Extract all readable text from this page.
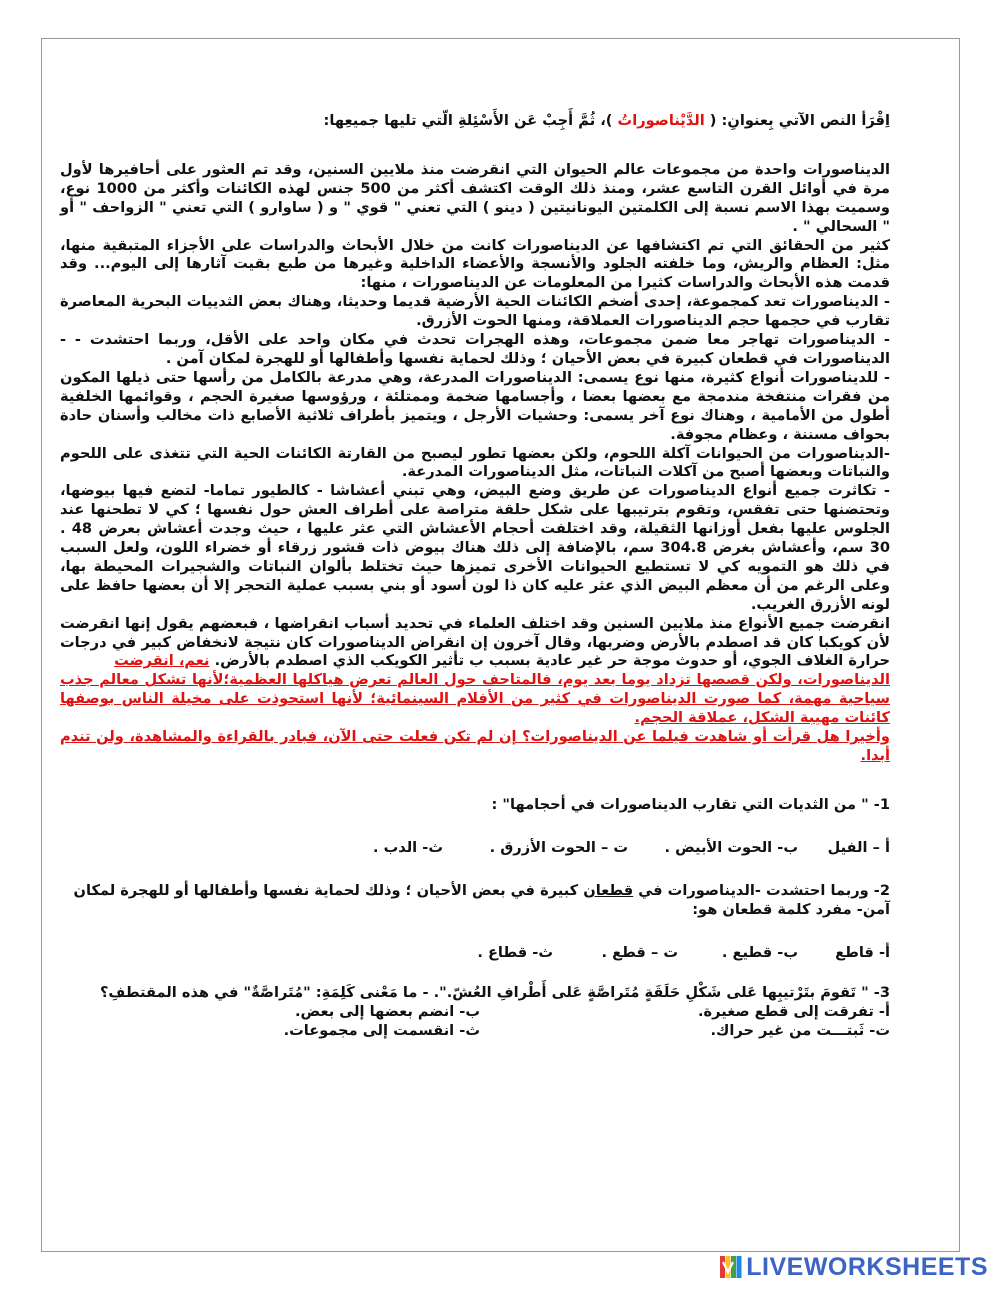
اِقْرَأ النص الآتي بِعنوانِ: ( الدَّيْناصوراتُ )، ثُمَّ أَجِبْ عَن الأَسْئِلةِ الّتي تليها جميعِها:

الديناصورات واحدة من مجموعات عالم الحيوان التي انقرضت منذ ملايين السنين، وقد تم العثور على أحافيرها لأول مرة في أوائل القرن التاسع عشر، ومنذ ذلك الوقت اكتشف أكثر من 500 جنس لهذه الكائنات وأكثر من 1000 نوع، وسميت بهذا الاسم نسبة إلى الكلمتين اليونانيتين ( دينو ) التي تعني " قوي " و ( ساوارو ) التي تعني " الزواحف " أو " السحالي " .

كثير من الحقائق التي تم اكتشافها عن الديناصورات كانت من خلال الأبحاث والدراسات على الأجزاء المتبقية منها، مثل: العظام والريش، وما خلفته الجلود والأنسجة والأعضاء الداخلية وغيرها من طبع بقيت آثارها إلى اليوم... وقد قدمت هذه الأبحاث والدراسات كثيرا من المعلومات عن الديناصورات ، منها:

- الديناصورات تعد كمجموعة، إحدى أضخم الكائنات الحية الأرضية قديما وحديثا، وهناك بعض الثدييات البحرية المعاصرة تقارب في حجمها حجم الديناصورات العملاقة، ومنها الحوت الأزرق.

- الديناصورات تهاجر معا ضمن مجموعات، وهذه الهجرات تحدث في مكان واحد على الأقل، وربما احتشدت - - الديناصورات في قطعان كبيرة في بعض الأحيان ؛ وذلك لحماية نفسها وأطفالها أو للهجرة لمكان آمن .

- للديناصورات أنواع كثيرة، منها نوع يسمى: الديناصورات المدرعة، وهي مدرعة بالكامل من رأسها حتى ذيلها المكون من فقرات منتفخة مندمجة مع بعضها بعضا ، وأجسامها ضخمة وممتلئة ، ورؤوسها صغيرة الحجم ، وقوائمها الخلفية أطول من الأمامية ، وهناك نوع آخر يسمى: وحشيات الأرجل ، ويتميز بأطراف ثلاثية الأصابع ذات مخالب وأسنان حادة بحواف مسننة ، وعظام مجوفة.

-الديناصورات من الحيوانات آكلة اللحوم، ولكن بعضها تطور ليصبح من القارتة الكائنات الحية التي تتغذى على اللحوم والنباتات وبعضها أصبح من آكلات النباتات، مثل الديناصورات المدرعة.

- تكاثرت جميع أنواع الديناصورات عن طريق وضع البيض، وهي تبني أعشاشا - كالطيور تماما- لتضع فيها بيوضها، وتحتضنها حتى تفقس، وتقوم بترتيبها على شكل حلقة متراصة على أطراف العش حول نفسها ؛ كي لا تطحنها عند الجلوس عليها بفعل أوزانها الثقيلة، وقد اختلفت أحجام الأعشاش التي عثر عليها ، حيث وجدت أعشاش بعرض 48 . 30 سم، وأعشاش بغرض 304.8 سم، بالإضافة إلى ذلك هناك بيوض ذات قشور زرقاء أو خضراء اللون، ولعل السبب في ذلك هو التمويه كي لا تستطيع الحيوانات الأخرى تميزها حيث تختلط بألوان النباتات والشجيرات المحيطة بها، وعلى الرغم من أن معظم البيض الذي عثر عليه كان ذا لون أسود أو بني بسبب عملية التحجر إلا أن بعضها حافظ على لونه الأزرق الغريب.

انقرضت جميع الأنواع منذ ملايين السنين وقد اختلف العلماء في تحديد أسباب انقراضها ، فبعضهم يقول إنها انقرضت لأن كويكبا كان قد اصطدم بالأرض وضربها، وقال آخرون إن انقراض الديناصورات كان نتيجة لانخفاض كبير في درجات حرارة الغلاف الجوي، أو حدوث موجة حر غير عادية بسبب ب تأثير الكويكب الذي اصطدم بالأرض. نعم، انقرضت

الديناصورات، ولكن قصصها تزداد يوما بعد يوم، فالمتاحف حول العالم تعرض هياكلها العظمية؛لأنها تشكل معالم جذب سياحية مهمة، كما صورت الديناصورات في كثير من الأفلام السينمائية؛ لأنها استحوذت على مخيلة الناس بوصفها كائنات مهيبة الشكل، عملاقة الحجم.

وأخيرا هل قرأت أو شاهدت فيلما عن الديناصورات؟ إن لم تكن فعلت حتى الآن، فبادر بالقراءة والمشاهدة، ولن تندم أبدا.

1- " من الثديات التي تقارب الديناصورات في أحجامها" :

أ – الفيل
ب- الحوت الأبيض .
ت – الحوت الأزرق .
ث- الدب .

2- وربما احتشدت -الديناصورات في قطعان كبيرة في بعض الأحيان ؛ وذلك لحماية نفسها وأطفالها أو للهجرة لمكان آمن- مفرد كلمة قطعان هو:

أ- قاطع
ب- قطيع .
ت – قطع .
ث- قطاع .

3- " تَقومَ بتَرْتيبِها عَلى شَكْلِ حَلَقَةٍ مُتَراصَّةٍ عَلى أَطْرافِ العُشّ.". - ما مَعْنى كَلِمَةِ: "مُتَراصَّةٌ" في هذه المقتطفِ؟

أ- تفرقت إلى قطع صغيرة.
ب- انضم بعضها إلى بعض.
ت- ثَبتـــت من غير حراك.
ث- انقسمت إلى مجموعات.
LIVEWORKSHEETS
